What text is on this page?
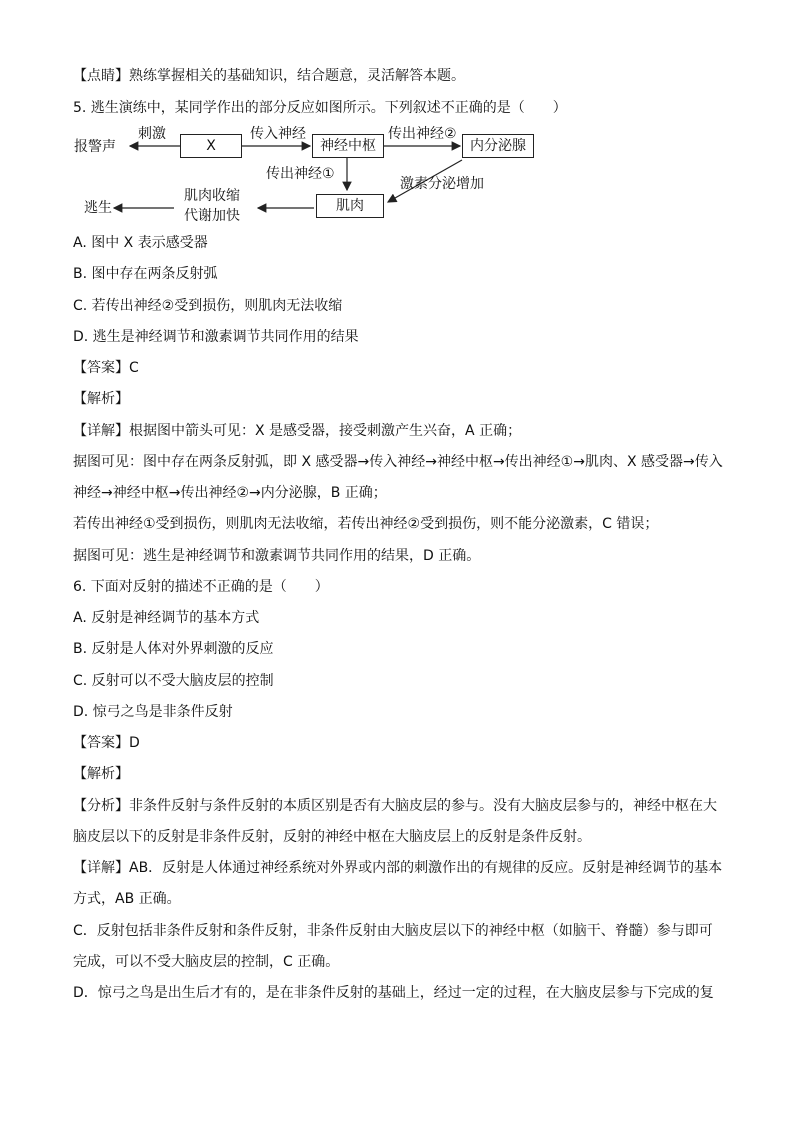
【点睛】熟练掌握相关的基础知识，结合题意，灵活解答本题。
5. 逃生演练中，某同学作出的部分反应如图所示。下列叙述不正确的是（　　）
报警声
刺激
X
传入神经
神经中枢
传出神经②
内分泌腺
传出神经①
激素分泌增加
肌肉
肌肉收缩
代谢加快
逃生
A. 图中 X 表示感受器
B. 图中存在两条反射弧
C. 若传出神经②受到损伤，则肌肉无法收缩
D. 逃生是神经调节和激素调节共同作用的结果
【答案】C
【解析】
【详解】根据图中箭头可见：X 是感受器，接受刺激产生兴奋，A 正确；
据图可见：图中存在两条反射弧，即 X 感受器→传入神经→神经中枢→传出神经①→肌肉、X 感受器→传入
神经→神经中枢→传出神经②→内分泌腺，B 正确；
若传出神经①受到损伤，则肌肉无法收缩，若传出神经②受到损伤，则不能分泌激素，C 错误；
据图可见：逃生是神经调节和激素调节共同作用的结果，D 正确。
6. 下面对反射的描述不正确的是（　　）
A. 反射是神经调节的基本方式
B. 反射是人体对外界刺激的反应
C. 反射可以不受大脑皮层的控制
D. 惊弓之鸟是非条件反射
【答案】D
【解析】
【分析】非条件反射与条件反射的本质区别是否有大脑皮层的参与。没有大脑皮层参与的，神经中枢在大
脑皮层以下的反射是非条件反射，反射的神经中枢在大脑皮层上的反射是条件反射。
【详解】AB．反射是人体通过神经系统对外界或内部的刺激作出的有规律的反应。反射是神经调节的基本
方式，AB 正确。
C．反射包括非条件反射和条件反射，非条件反射由大脑皮层以下的神经中枢（如脑干、脊髓）参与即可
完成，可以不受大脑皮层的控制，C 正确。
D．惊弓之鸟是出生后才有的，是在非条件反射的基础上，经过一定的过程，在大脑皮层参与下完成的复
